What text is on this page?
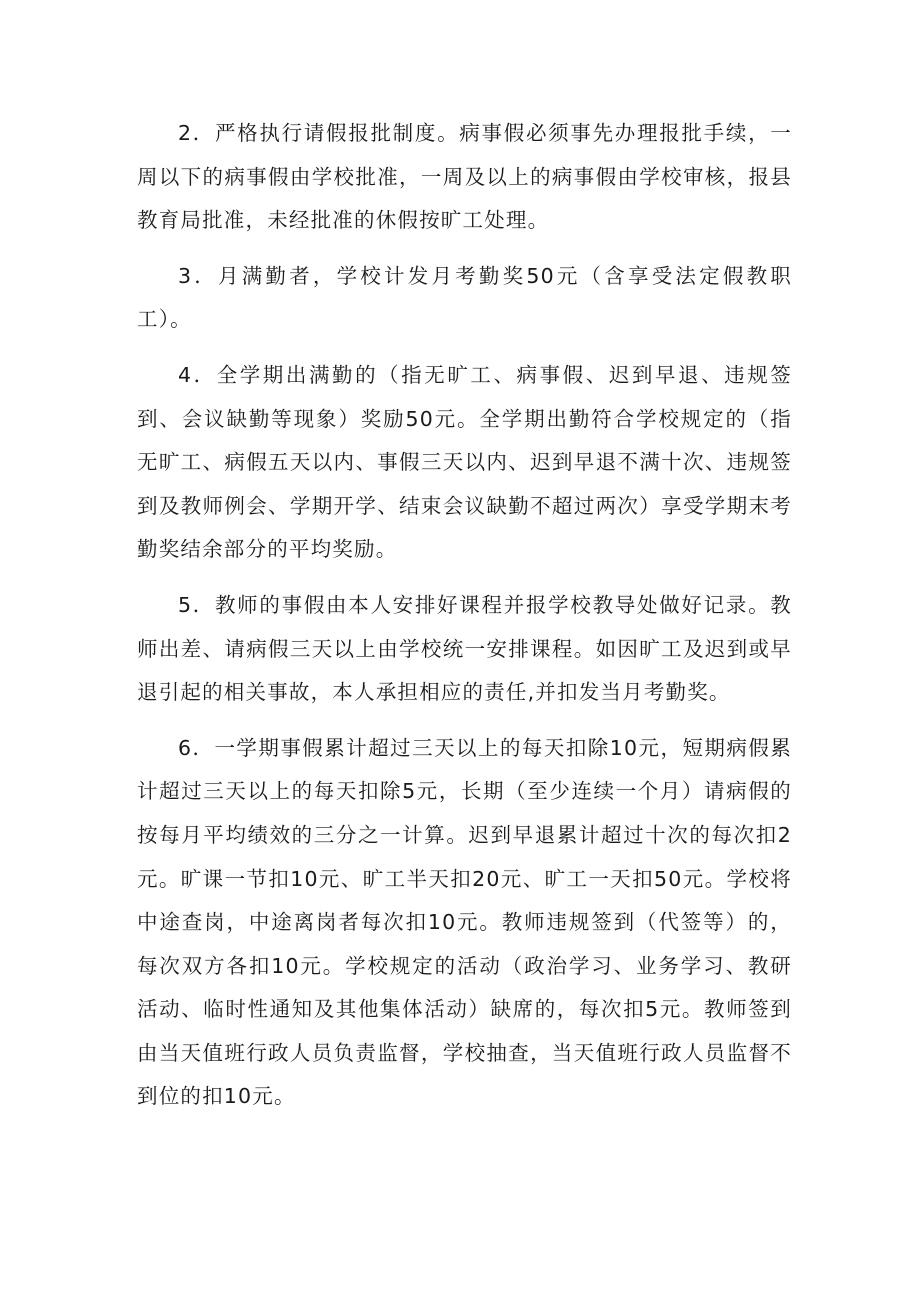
2．严格执行请假报批制度。病事假必须事先办理报批手续，一周以下的病事假由学校批准，一周及以上的病事假由学校审核，报县教育局批准，未经批准的休假按旷工处理。

3．月满勤者，学校计发月考勤奖50元（含享受法定假教职工）。

4．全学期出满勤的（指无旷工、病事假、迟到早退、违规签到、会议缺勤等现象）奖励50元。全学期出勤符合学校规定的（指无旷工、病假五天以内、事假三天以内、迟到早退不满十次、违规签到及教师例会、学期开学、结束会议缺勤不超过两次）享受学期末考勤奖结余部分的平均奖励。

5．教师的事假由本人安排好课程并报学校教导处做好记录。教师出差、请病假三天以上由学校统一安排课程。如因旷工及迟到或早退引起的相关事故，本人承担相应的责任,并扣发当月考勤奖。

6．一学期事假累计超过三天以上的每天扣除10元，短期病假累计超过三天以上的每天扣除5元，长期（至少连续一个月）请病假的按每月平均绩效的三分之一计算。迟到早退累计超过十次的每次扣2元。旷课一节扣10元、旷工半天扣20元、旷工一天扣50元。学校将中途查岗，中途离岗者每次扣10元。教师违规签到（代签等）的，每次双方各扣10元。学校规定的活动（政治学习、业务学习、教研活动、临时性通知及其他集体活动）缺席的，每次扣5元。教师签到由当天值班行政人员负责监督，学校抽查，当天值班行政人员监督不到位的扣10元。
